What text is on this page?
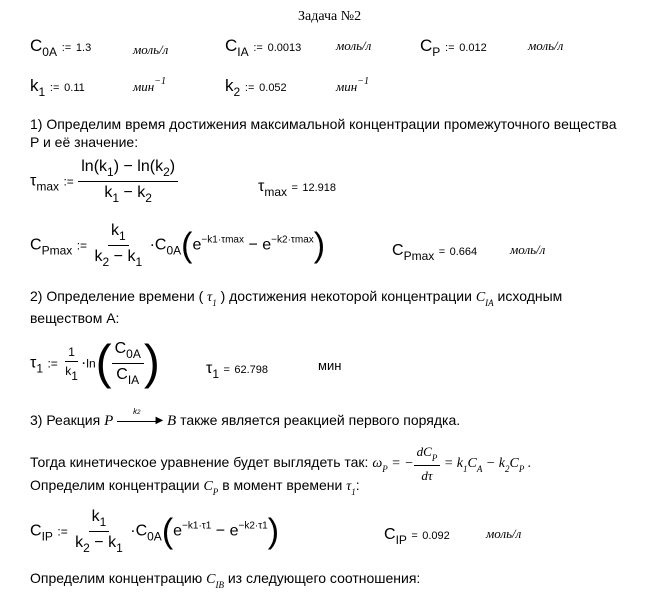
Задача №2
$C_{0A}$ := 1.3	моль/л	$C_{IA}$ := 0.0013	моль/л	$C_P$ := 0.012	моль/л
$k_1$ := 0.11	мин$^{-1}$	$k_2$ := 0.052	мин$^{-1}$
1) Определим время достижения максимальной концентрации промежуточного вещества
P и её значение:
$\tau_{max}$ := $\frac{\ln(k_1) - \ln(k_2)}{k_1 - k_2}$	$\tau_{max} = 12.918$
$C_{Pmax}$ := $\frac{k_1}{k_2 - k_1} \cdot C_{0A}(e^{-k1\cdot\tau max} - e^{-k2\cdot\tau max})$	$C_{Pmax} = 0.664$	моль/л
2) Определение времени ( $\tau_1$ ) достижения некоторой концентрации $C_{IA}$ исходным
веществом А:
$\tau_1$ := $\frac{1}{k1} \cdot\ln( \frac{C_{0A}}{C_{IA}}$ )	$\tau_1 = 62.798$	мин
3) Реакция P	▶
k2 B также является реакцией первого порядка.
Тогда кинетическое уравнение будет выглядеть так: $\omega_P$ = − $\frac{dC_P}{d\tau} = k_1C_A - k_2C_P$ .
Определим концентрации $C_P$ в момент времени $\tau_1$:
$C_{IP}$ := $\frac{k_1}{k_2 - k_1} \cdot C_{0A}(e^{-k1\cdot\tau 1} - e^{-k2\cdot\tau 1})$	$C_{IP} = 0.092$	моль/л
Определим концентрацию $C_{IB}$ из следующего соотношения:
